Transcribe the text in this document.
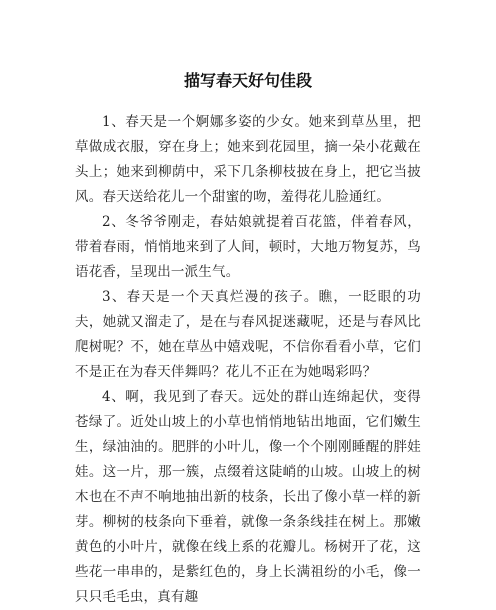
描写春天好句佳段

1、春天是一个婀娜多姿的少女。她来到草丛里，把草做成衣服，穿在身上；她来到花园里，摘一朵小花戴在头上；她来到柳荫中，采下几条柳枝披在身上，把它当披风。春天送给花儿一个甜蜜的吻，羞得花儿脸通红。

2、冬爷爷刚走，春姑娘就提着百花篮，伴着春风，带着春雨，悄悄地来到了人间，顿时，大地万物复苏，鸟语花香，呈现出一派生气。

3、春天是一个天真烂漫的孩子。瞧，一眨眼的功夫，她就又溜走了，是在与春风捉迷藏呢，还是与春风比爬树呢？不，她在草丛中嬉戏呢，不信你看看小草，它们不是正在为春天伴舞吗？花儿不正在为她喝彩吗？

4、啊，我见到了春天。远处的群山连绵起伏，变得苍绿了。近处山坡上的小草也悄悄地钻出地面，它们嫩生生，绿油油的。肥胖的小叶儿，像一个个刚刚睡醒的胖娃娃。这一片，那一簇，点缀着这陡峭的山坡。山坡上的树木也在不声不响地抽出新的枝条，长出了像小草一样的新芽。柳树的枝条向下垂着，就像一条条线挂在树上。那嫩黄色的小叶片，就像在线上系的花瓣儿。杨树开了花，这些花一串串的，是紫红色的，身上长满祖纷的小毛，像一只只毛毛虫，真有趣
